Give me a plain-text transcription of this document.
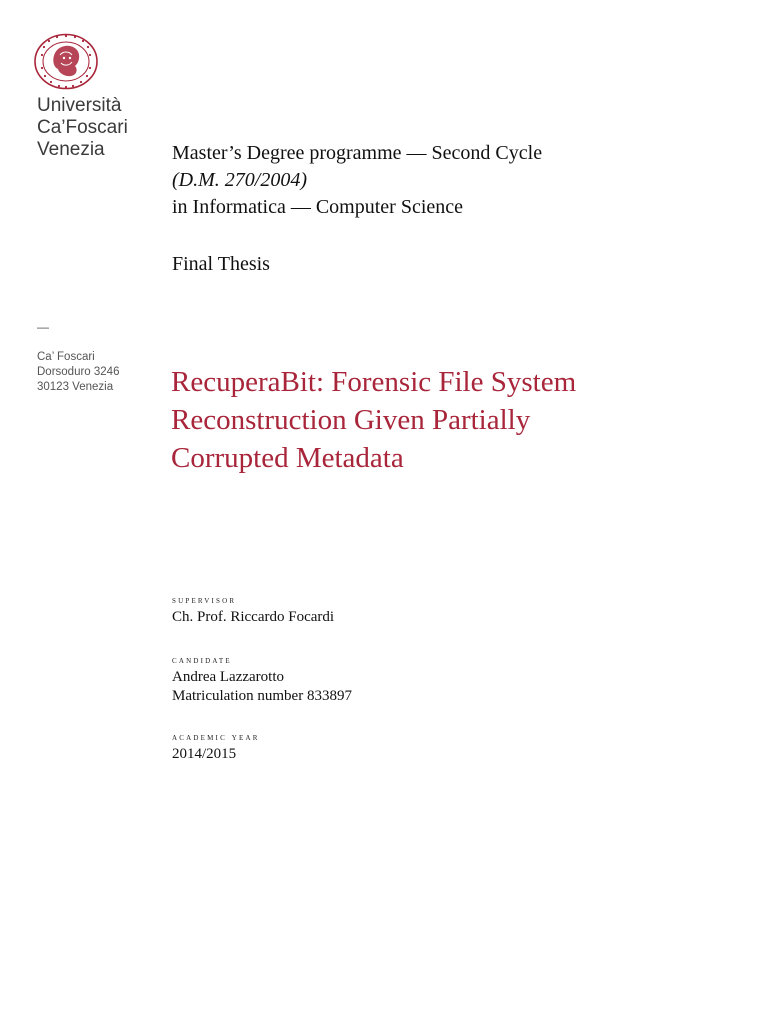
Università
Ca’Foscari
Venezia
—
Ca’ Foscari
Dorsoduro 3246
30123 Venezia
Master’s Degree programme — Second Cycle
(D.M. 270/2004)
in Informatica — Computer Science
Final Thesis
RecuperaBit: Forensic File System
Reconstruction Given Partially
Corrupted Metadata
supervisor
Ch. Prof. Riccardo Focardi
candidate
Andrea Lazzarotto
Matriculation number 833897
academic year
2014/2015
